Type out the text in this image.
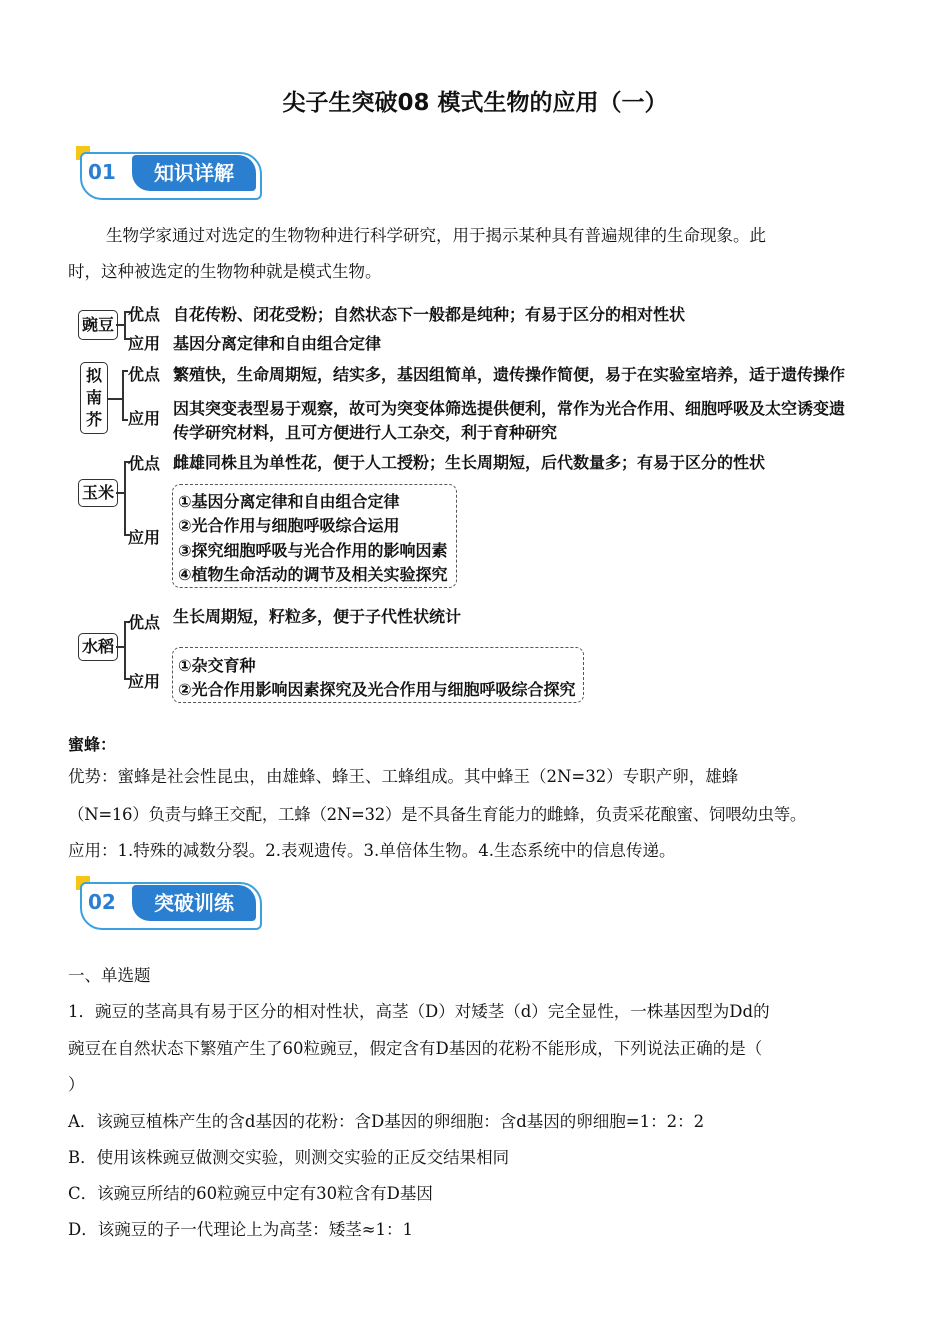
尖子生突破08 模式生物的应用（一）
01	知识详解
生物学家通过对选定的生物物种进行科学研究，用于揭示某种具有普遍规律的生命现象。此
时，这种被选定的生物物种就是模式生物。
豌豆
优点 自花传粉、闭花受粉；自然状态下一般都是纯种；有易于区分的相对性状
应用 基因分离定律和自由组合定律
拟
南
芥
优点 繁殖快，生命周期短，结实多，基因组简单，遗传操作简便，易于在实验室培养，适于遗传操作
应用
因其突变表型易于观察，故可为突变体筛选提供便利，常作为光合作用、细胞呼吸及太空诱变遗
传学研究材料，且可方便进行人工杂交，利于育种研究
玉米
优点 雌雄同株且为单性花，便于人工授粉；生长周期短，后代数量多；有易于区分的性状
应用
①基因分离定律和自由组合定律
②光合作用与细胞呼吸综合运用
③探究细胞呼吸与光合作用的影响因素
④植物生命活动的调节及相关实验探究
水稻
优点 生长周期短，籽粒多，便于子代性状统计
应用
①杂交育种
②光合作用影响因素探究及光合作用与细胞呼吸综合探究
蜜蜂：
优势：蜜蜂是社会性昆虫，由雄蜂、蜂王、工蜂组成。其中蜂王（2N=32）专职产卵，雄蜂
（N=16）负责与蜂王交配，工蜂（2N=32）是不具备生育能力的雌蜂，负责采花酿蜜、饲喂幼虫等。
应用：1.特殊的减数分裂。2.表观遗传。3.单倍体生物。4.生态系统中的信息传递。
02	突破训练
一、单选题
1．豌豆的茎高具有易于区分的相对性状，高茎（D）对矮茎（d）完全显性，一株基因型为Dd的
豌豆在自然状态下繁殖产生了60粒豌豆，假定含有D基因的花粉不能形成，下列说法正确的是（
）
A．该豌豆植株产生的含d基因的花粉：含D基因的卵细胞：含d基因的卵细胞=1：2：2
B．使用该株豌豆做测交实验，则测交实验的正反交结果相同
C．该豌豆所结的60粒豌豆中定有30粒含有D基因
D．该豌豆的子一代理论上为高茎：矮茎≈1：1
